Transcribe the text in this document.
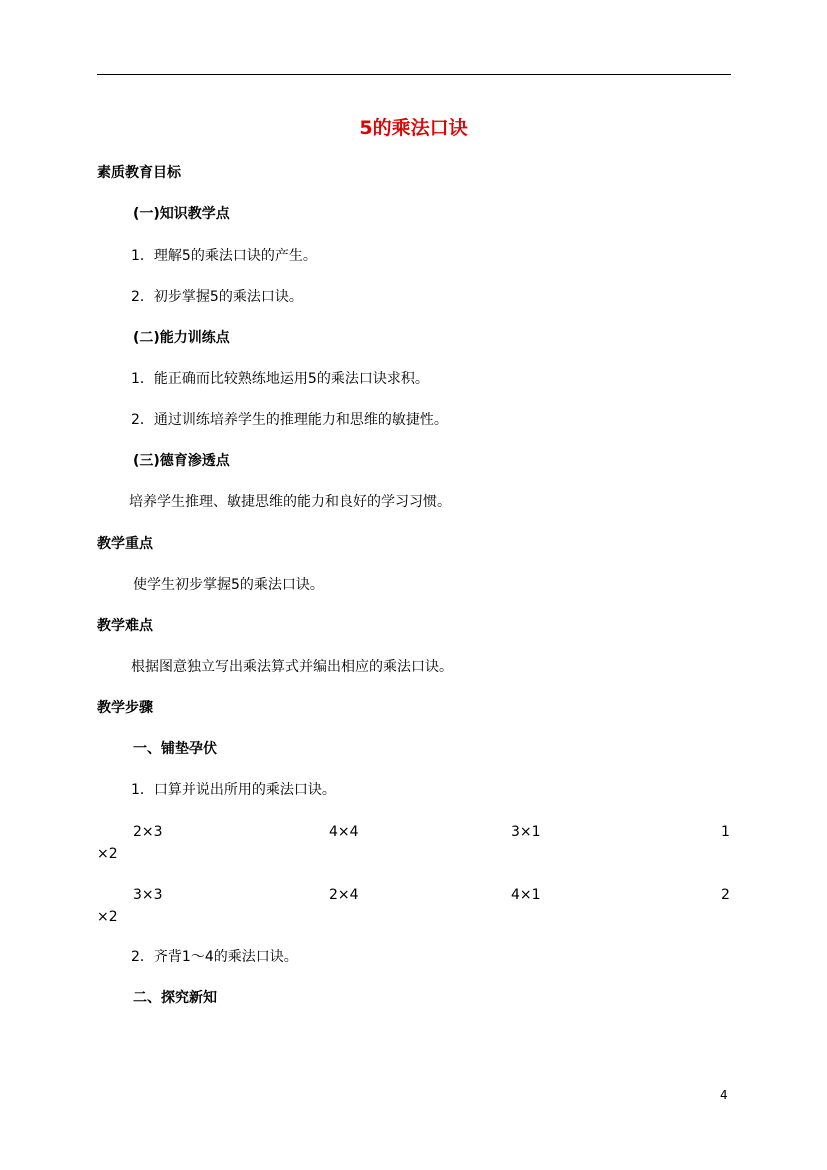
5的乘法口诀
素质教育目标
(一)知识教学点
1．理解5的乘法口诀的产生。
2．初步掌握5的乘法口诀。
(二)能力训练点
1．能正确而比较熟练地运用5的乘法口诀求积。
2．通过训练培养学生的推理能力和思维的敏捷性。
(三)德育渗透点
培养学生推理、敏捷思维的能力和良好的学习习惯。
教学重点
使学生初步掌握5的乘法口诀。
教学难点
根据图意独立写出乘法算式并编出相应的乘法口诀。
教学步骤
一、铺垫孕伏
1．口算并说出所用的乘法口诀。
2×3	4×4	3×1	1
×2
3×3	2×4	4×1	2
×2
2．齐背1～4的乘法口诀。
二、探究新知
4
